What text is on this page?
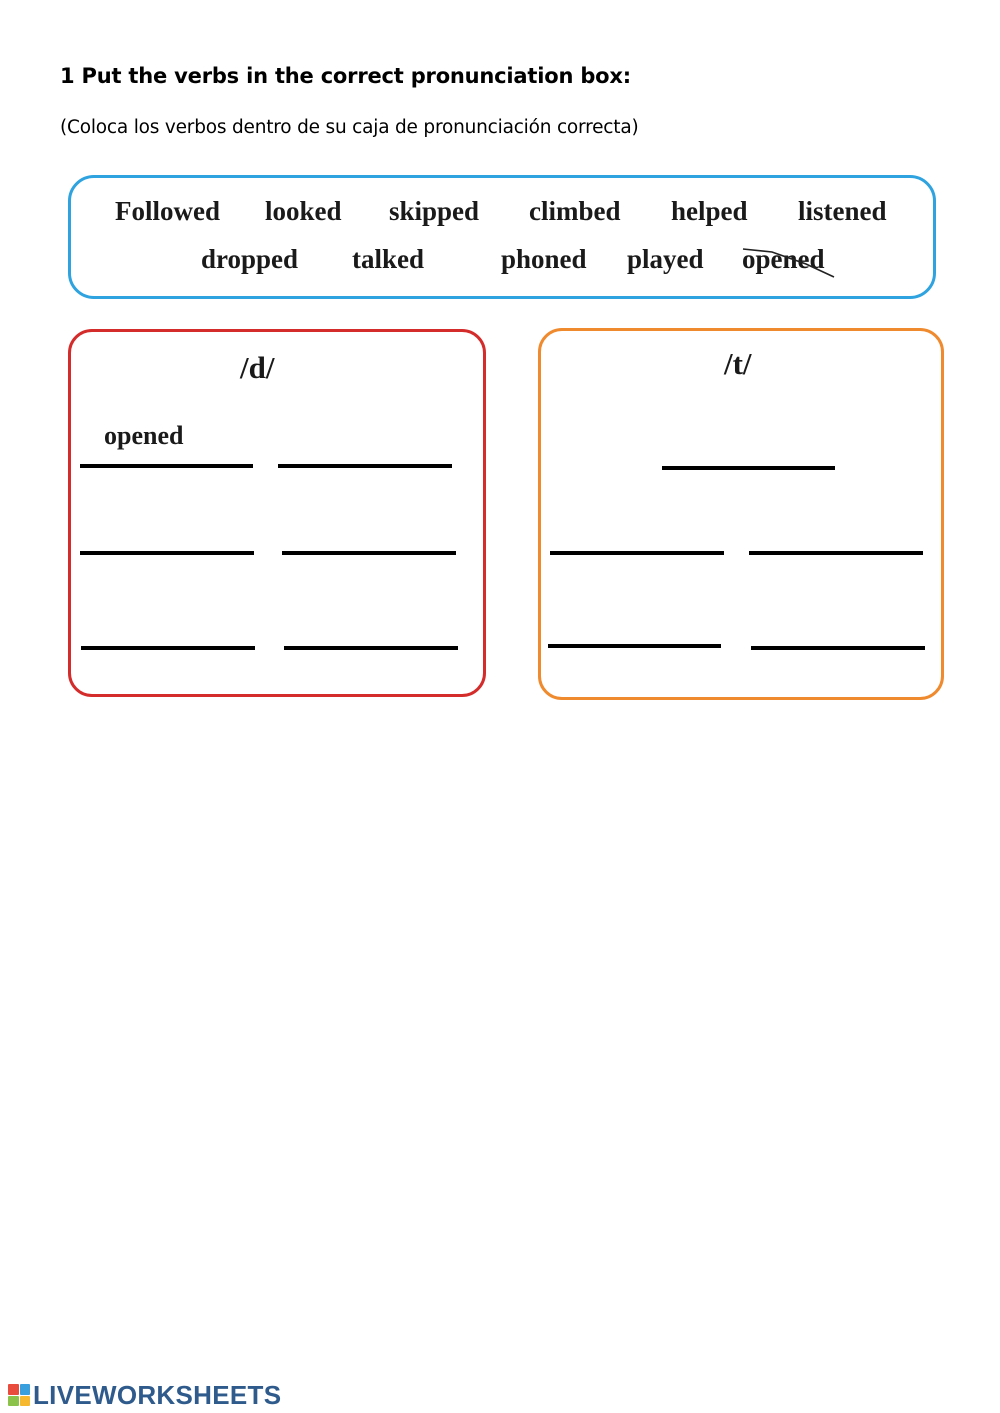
1 Put the verbs in the correct pronunciation box:
(Coloca los verbos dentro de su caja de pronunciación correcta)
Followed looked skipped climbed helped listened
dropped talked	phoned played opened
/d/
opened
/t/
LIVEWORKSHEETS
